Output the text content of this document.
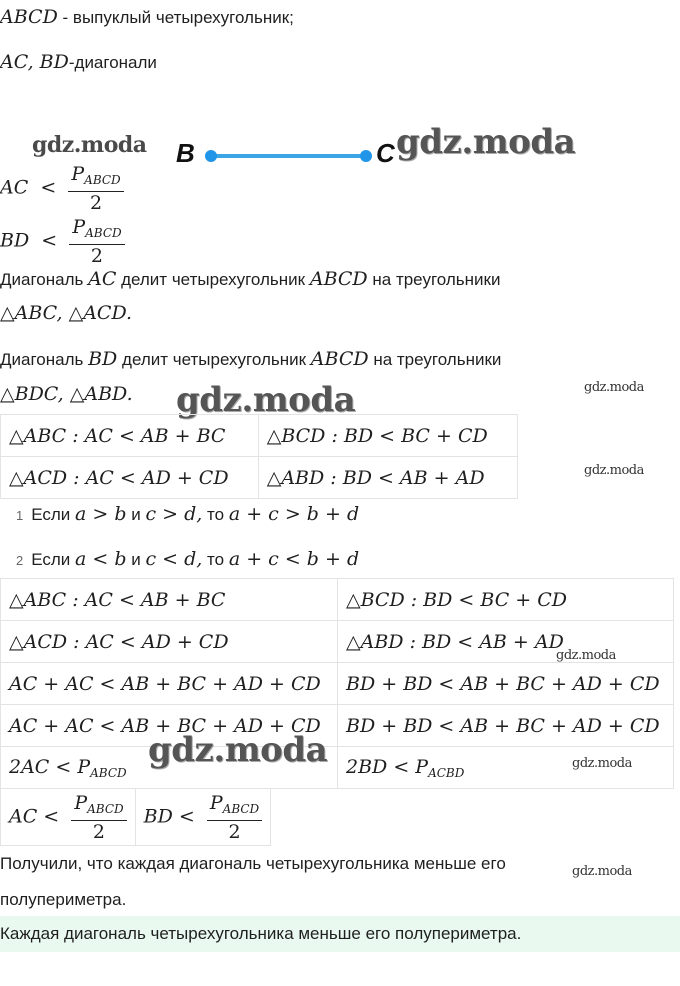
ABCD - выпуклый четырехугольник;
AC, BD-диагонали
gdz.moda B	C gdz.moda
AC < $\frac{P_{ABCD}}{2}$
BD < $\frac{P_{ABCD}}{2}$
Диагональ AC делит четырехугольник ABCD на треугольники
△ABC, △ACD.
Диагональ BD делит четырехугольник ABCD на треугольники
△BDC, △ABD. gdz.moda	gdz.moda
gdz.moda
△ABC : AC < AB + BC	△BCD : BD < BC + CD
△ACD : AC < AD + CD	△ABD : BD < AB + AD
1 Если a > b и c > d, то a + c > b + d
2 Если a < b и c < d, то a + c < b + d
△ABC : AC < AB + BC	△BCD : BD < BC + CD
△ACD : AC < AD + CD	△ABD : BD < AB + AD
AC + AC < AB + BC + AD + CD	BD + BD < AB + BC + AD + CD
AC + AC < AB + BC + AD + CD	BD + BD < AB + BC + AD + CD
$2AC < P_{ABCD}$	$2BD < P_{ACBD}$
gdz.moda
gdz.moda	gdz.moda
AC < $\frac{P_{ABCD}}{2}$	BD < $\frac{P_{ABCD}}{2}$
Получили, что каждая диагональ четырехугольника меньше его	gdz.moda
полупериметра.
Каждая диагональ четырехугольника меньше его полупериметра.
